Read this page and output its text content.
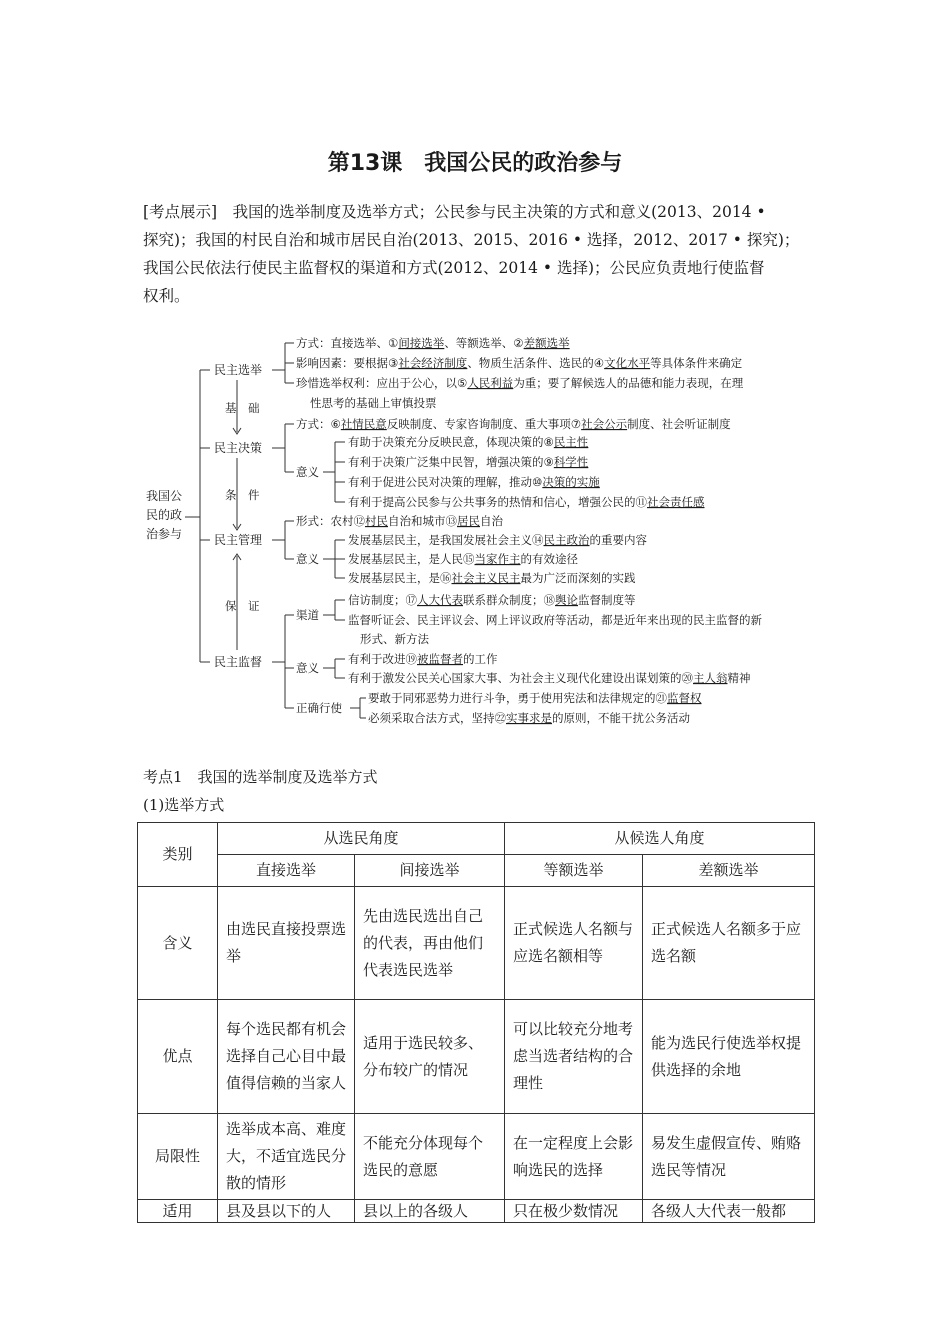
第13课　我国公民的政治参与
[考点展示]　我国的选举制度及选举方式；公民参与民主决策的方式和意义(2013、2014 •
探究)；我国的村民自治和城市居民自治(2013、2015、2016 • 选择，2012、2017 • 探究)；
我国公民依法行使民主监督权的渠道和方式(2012、2014 • 选择)；公民应负责地行使监督
权利。
我国公
民的政
治参与
民主选举
民主决策
民主管理
民主监督
基　础
条　件
保　证
方式：直接选举、①间接选举、等额选举、②差额选举
影响因素：要根据③社会经济制度、物质生活条件、选民的④文化水平等具体条件来确定
珍惜选举权利：应出于公心，以⑤人民利益为重；要了解候选人的品德和能力表现，在理
性思考的基础上审慎投票
方式：⑥社情民意反映制度、专家咨询制度、重大事项⑦社会公示制度、社会听证制度
意义
有助于决策充分反映民意，体现决策的⑧民主性
有利于决策广泛集中民智，增强决策的⑨科学性
有利于促进公民对决策的理解，推动⑩决策的实施
有利于提高公民参与公共事务的热情和信心，增强公民的⑪社会责任感
形式：农村⑫村民自治和城市⑬居民自治
意义
发展基层民主，是我国发展社会主义⑭民主政治的重要内容
发展基层民主，是人民⑮当家作主的有效途径
发展基层民主，是⑯社会主义民主最为广泛而深刻的实践
渠道
信访制度；⑰人大代表联系群众制度；⑱舆论监督制度等
监督听证会、民主评议会、网上评议政府等活动，都是近年来出现的民主监督的新
形式、新方法
意义
有利于改进⑲被监督者的工作
有利于激发公民关心国家大事、为社会主义现代化建设出谋划策的⑳主人翁精神
正确行使
要敢于同邪恶势力进行斗争，勇于使用宪法和法律规定的㉑监督权
必须采取合法方式，坚持㉒实事求是的原则，不能干扰公务活动
考点1　我国的选举制度及选举方式
(1)选举方式
类别	从选民角度		从候选人角度	
	直接选举	间接选举	等额选举	差额选举
含义	由选民直接投票选举	先由选民选出自己的代表，再由他们代表选民选举	正式候选人名额与应选名额相等	正式候选人名额多于应选名额
优点	每个选民都有机会选择自己心目中最值得信赖的当家人	适用于选民较多、分布较广的情况	可以比较充分地考虑当选者结构的合理性	能为选民行使选举权提供选择的余地
局限性	选举成本高、难度大，不适宜选民分散的情形	不能充分体现每个选民的意愿	在一定程度上会影响选民的选择	易发生虚假宣传、贿赂选民等情况
适用	县及县以下的人	县以上的各级人	只在极少数情况	各级人大代表一般都
